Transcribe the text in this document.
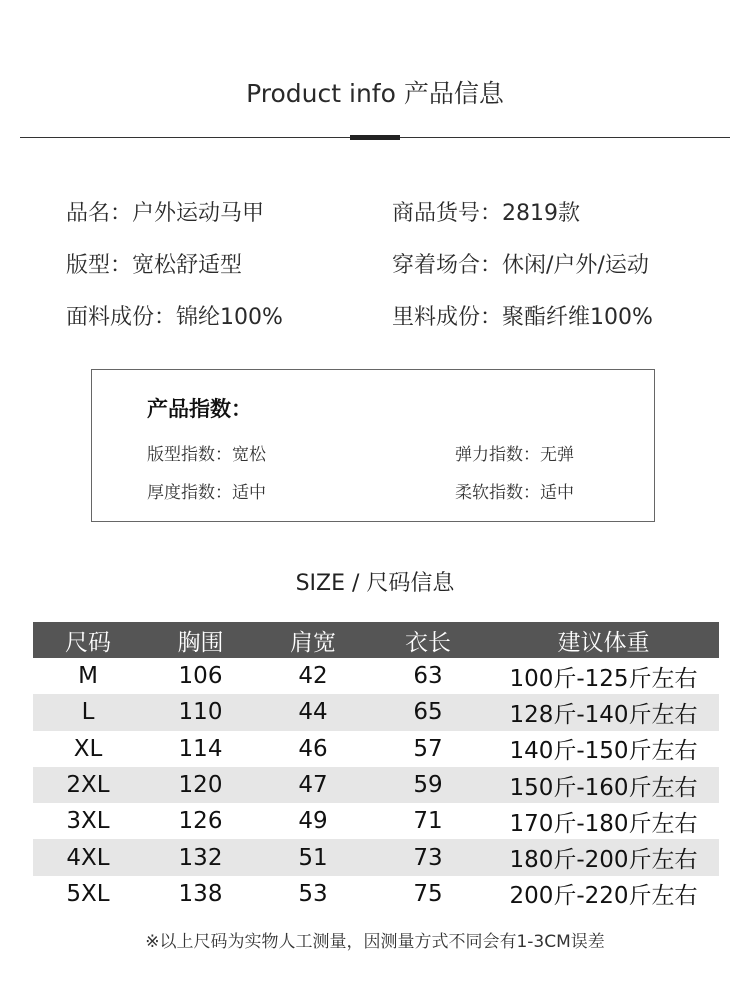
Product info 产品信息
品名：户外运动马甲
版型：宽松舒适型
面料成份：锦纶100%
商品货号：2819款
穿着场合：休闲/户外/运动
里料成份：聚酯纤维100%
产品指数：
版型指数：宽松	弹力指数：无弹
厚度指数：适中	柔软指数：适中
SIZE / 尺码信息
尺码	胸围	肩宽	衣长	建议体重
M	106	42	63	100斤-125斤左右
L	110	44	65	128斤-140斤左右
XL	114	46	57	140斤-150斤左右
2XL	120	47	59	150斤-160斤左右
3XL	126	49	71	170斤-180斤左右
4XL	132	51	73	180斤-200斤左右
5XL	138	53	75	200斤-220斤左右
※以上尺码为实物人工测量，因测量方式不同会有1-3CM误差
